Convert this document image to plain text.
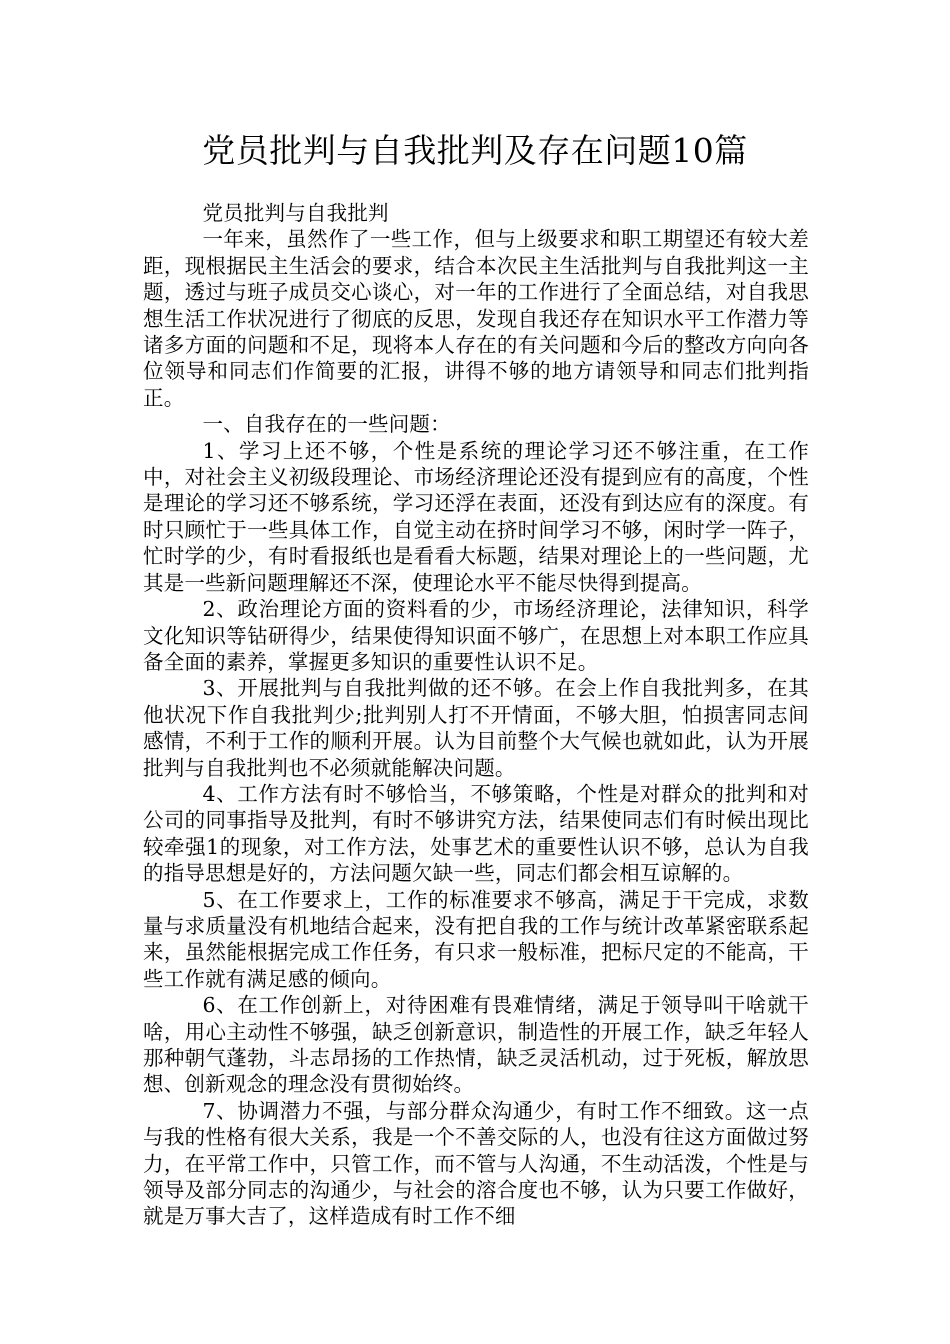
党员批判与自我批判及存在问题10篇

党员批判与自我批判

一年来，虽然作了一些工作，但与上级要求和职工期望还有较大差距，现根据民主生活会的要求，结合本次民主生活批判与自我批判这一主题，透过与班子成员交心谈心，对一年的工作进行了全面总结，对自我思想生活工作状况进行了彻底的反思，发现自我还存在知识水平工作潜力等诸多方面的问题和不足，现将本人存在的有关问题和今后的整改方向向各位领导和同志们作简要的汇报，讲得不够的地方请领导和同志们批判指正。

一、自我存在的一些问题：

1、学习上还不够，个性是系统的理论学习还不够注重，在工作中，对社会主义初级段理论、市场经济理论还没有提到应有的高度，个性是理论的学习还不够系统，学习还浮在表面，还没有到达应有的深度。有时只顾忙于一些具体工作，自觉主动在挤时间学习不够，闲时学一阵子，忙时学的少，有时看报纸也是看看大标题，结果对理论上的一些问题，尤其是一些新问题理解还不深，使理论水平不能尽快得到提高。

2、政治理论方面的资料看的少，市场经济理论，法律知识，科学文化知识等钻研得少，结果使得知识面不够广，在思想上对本职工作应具备全面的素养，掌握更多知识的重要性认识不足。

3、开展批判与自我批判做的还不够。在会上作自我批判多，在其他状况下作自我批判少;批判别人打不开情面，不够大胆，怕损害同志间感情，不利于工作的顺利开展。认为目前整个大气候也就如此，认为开展批判与自我批判也不必须就能解决问题。

4、工作方法有时不够恰当，不够策略，个性是对群众的批判和对公司的同事指导及批判，有时不够讲究方法，结果使同志们有时候出现比较牵强1的现象，对工作方法，处事艺术的重要性认识不够，总认为自我的指导思想是好的，方法问题欠缺一些，同志们都会相互谅解的。

5、在工作要求上，工作的标准要求不够高，满足于干完成，求数量与求质量没有机地结合起来，没有把自我的工作与统计改革紧密联系起来，虽然能根据完成工作任务，有只求一般标准，把标尺定的不能高，干些工作就有满足感的倾向。

6、在工作创新上，对待困难有畏难情绪，满足于领导叫干啥就干啥，用心主动性不够强，缺乏创新意识，制造性的开展工作，缺乏年轻人那种朝气蓬勃，斗志昂扬的工作热情，缺乏灵活机动，过于死板，解放思想、创新观念的理念没有贯彻始终。

7、协调潜力不强，与部分群众沟通少，有时工作不细致。这一点与我的性格有很大关系，我是一个不善交际的人，也没有往这方面做过努力，在平常工作中，只管工作，而不管与人沟通，不生动活泼，个性是与领导及部分同志的沟通少，与社会的溶合度也不够，认为只要工作做好，就是万事大吉了，这样造成有时工作不细
